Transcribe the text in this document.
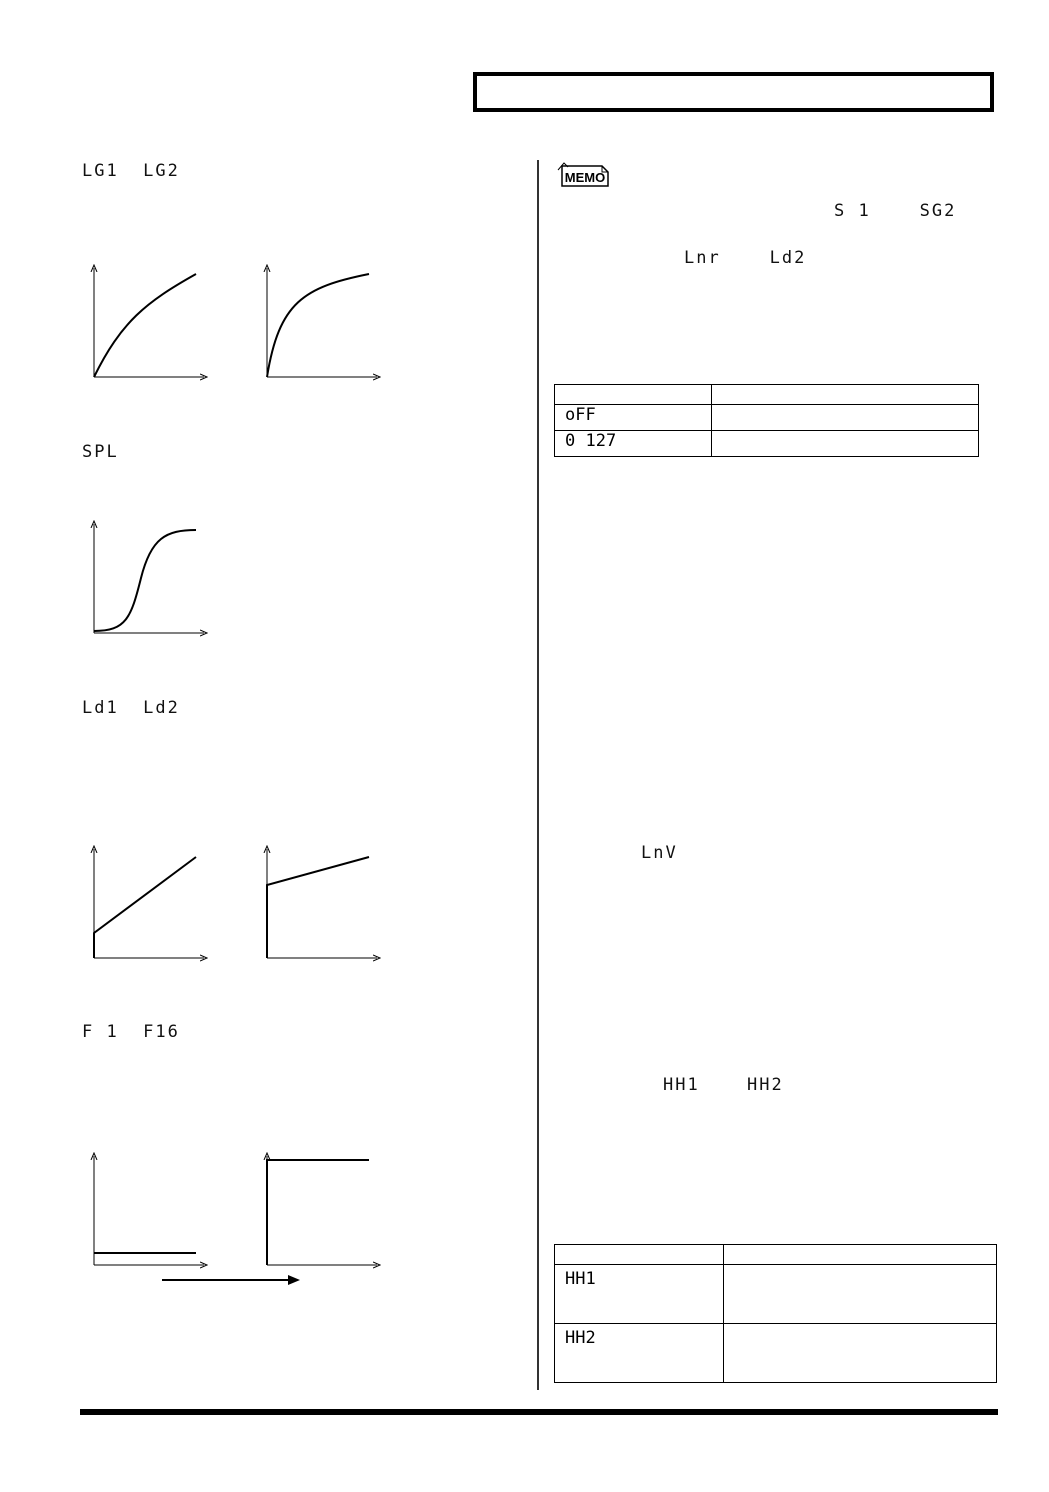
LG1  LG2
SPL
Ld1  Ld2
F 1  F16
MEMO
S 1    SG2
Lnr    Ld2

oFF	
0 127	
LnV
HH1	HH2

HH1	
HH2	
